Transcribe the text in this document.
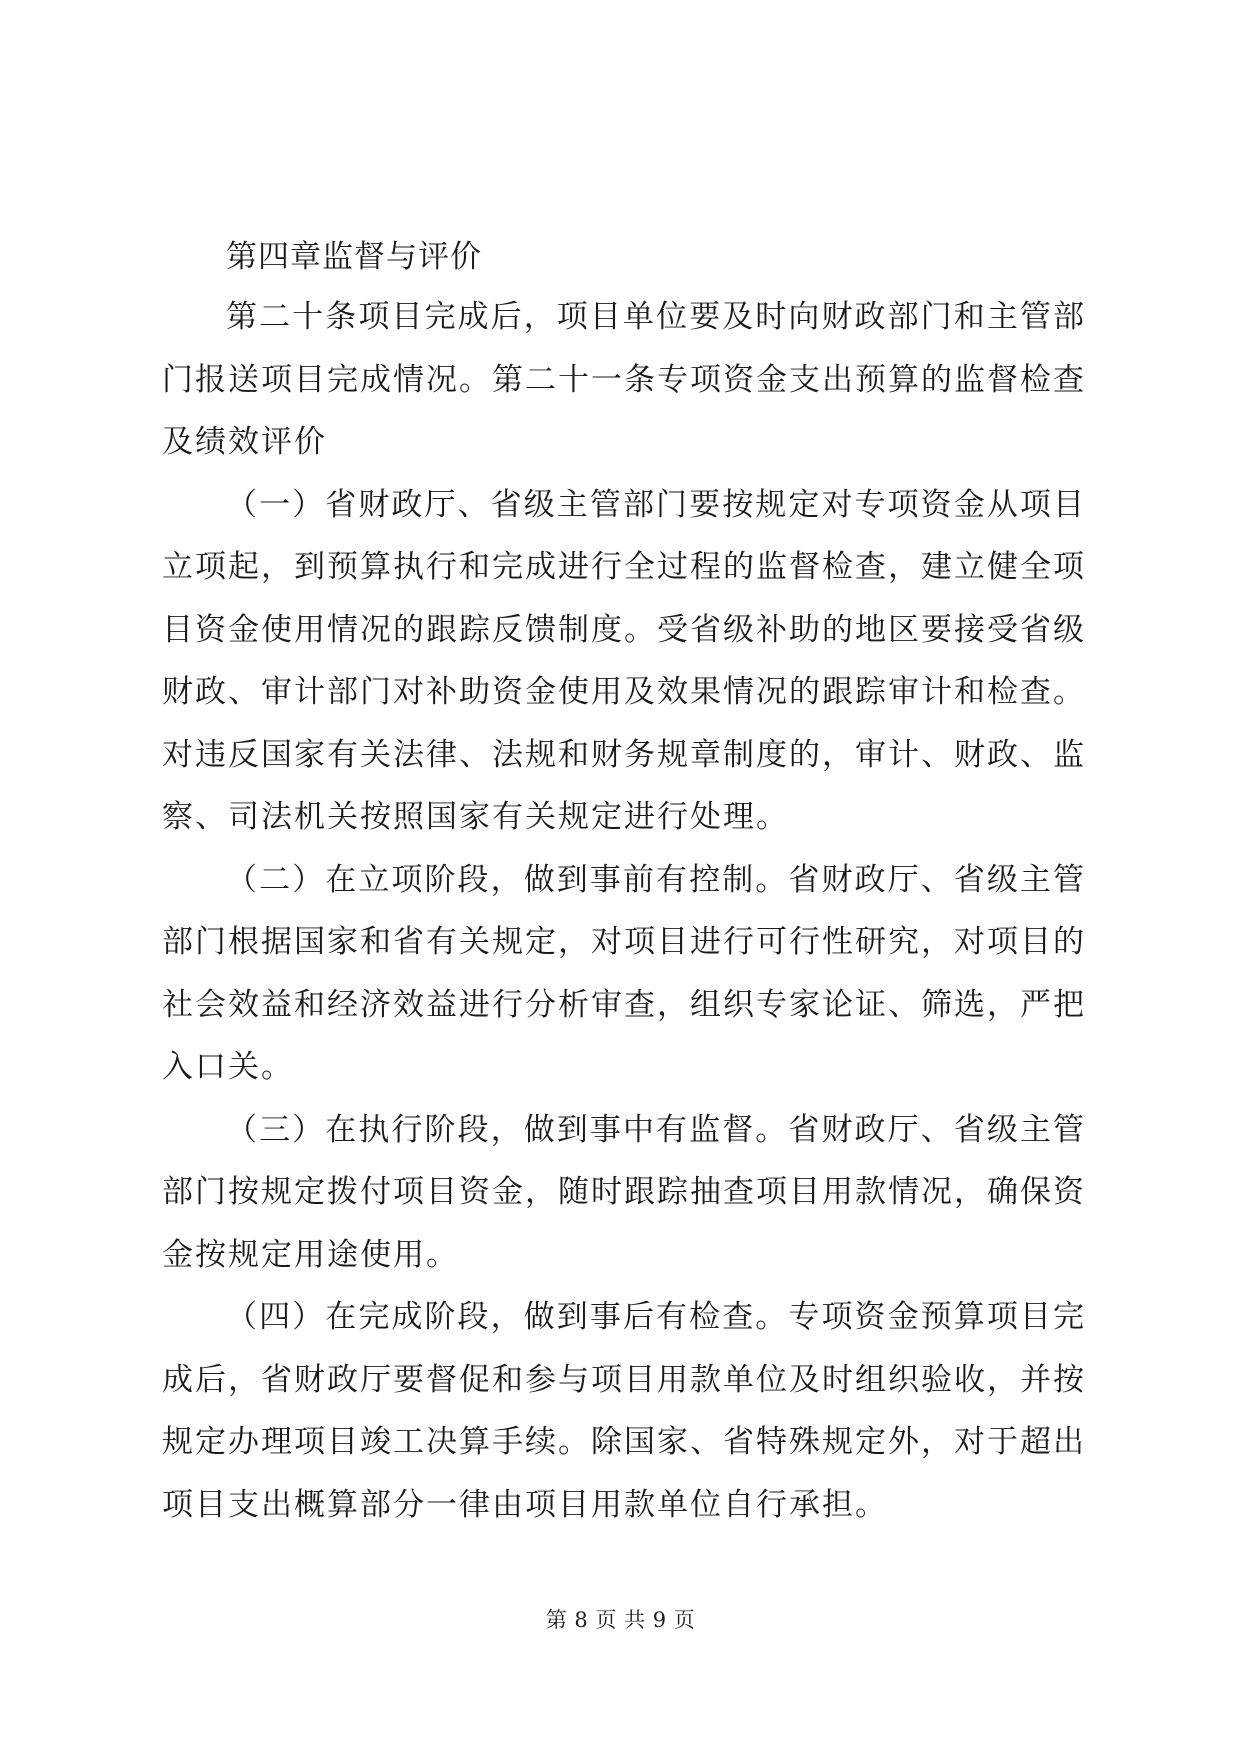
第四章监督与评价

第二十条项目完成后，项目单位要及时向财政部门和主管部门报送项目完成情况。第二十一条专项资金支出预算的监督检查及绩效评价

（一）省财政厅、省级主管部门要按规定对专项资金从项目立项起，到预算执行和完成进行全过程的监督检查，建立健全项目资金使用情况的跟踪反馈制度。受省级补助的地区要接受省级财政、审计部门对补助资金使用及效果情况的跟踪审计和检查。对违反国家有关法律、法规和财务规章制度的，审计、财政、监察、司法机关按照国家有关规定进行处理。

（二）在立项阶段，做到事前有控制。省财政厅、省级主管部门根据国家和省有关规定，对项目进行可行性研究，对项目的社会效益和经济效益进行分析审查，组织专家论证、筛选，严把入口关。

（三）在执行阶段，做到事中有监督。省财政厅、省级主管部门按规定拨付项目资金，随时跟踪抽查项目用款情况，确保资金按规定用途使用。

（四）在完成阶段，做到事后有检查。专项资金预算项目完成后，省财政厅要督促和参与项目用款单位及时组织验收，并按规定办理项目竣工决算手续。除国家、省特殊规定外，对于超出项目支出概算部分一律由项目用款单位自行承担。

第 8 页 共 9 页
